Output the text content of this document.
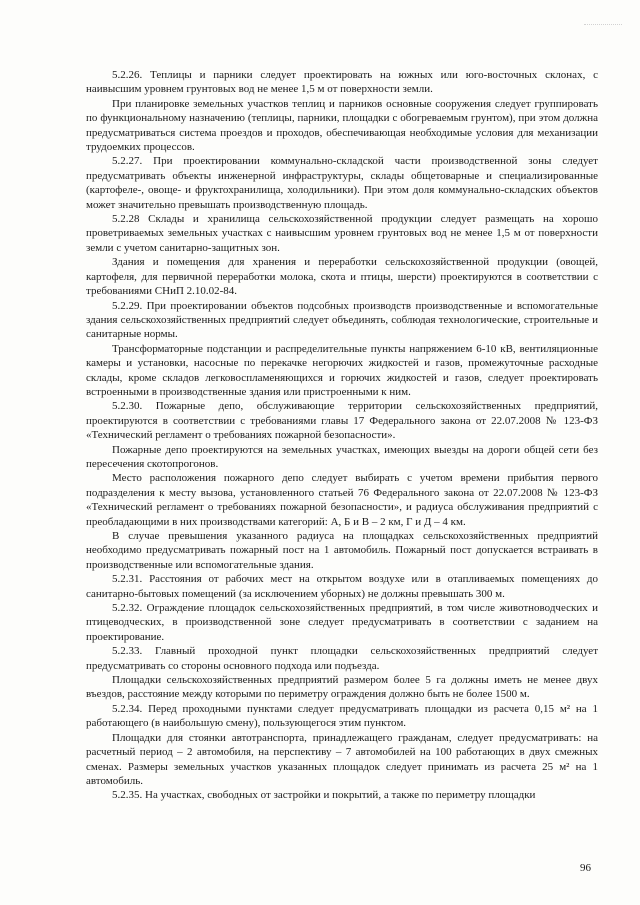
5.2.26. Теплицы и парники следует проектировать на южных или юго-восточных склонах, с наивысшим уровнем грунтовых вод не менее 1,5 м от поверхности земли.

При планировке земельных участков теплиц и парников основные сооружения следует группировать по функциональному назначению (теплицы, парники, площадки с обогреваемым грунтом), при этом должна предусматриваться система проездов и проходов, обеспечивающая необходимые условия для механизации трудоемких процессов.

5.2.27. При проектировании коммунально-складской части производственной зоны следует предусматривать объекты инженерной инфраструктуры, склады общетоварные и специализированные (картофеле-, овоще- и фруктохранилища, холодильники). При этом доля коммунально-складских объектов может значительно превышать производственную площадь.

5.2.28 Склады и хранилища сельскохозяйственной продукции следует размещать на хорошо проветриваемых земельных участках с наивысшим уровнем грунтовых вод не менее 1,5 м от поверхности земли с учетом санитарно-защитных зон.

Здания и помещения для хранения и переработки сельскохозяйственной продукции (овощей, картофеля, для первичной переработки молока, скота и птицы, шерсти) проектируются в соответствии с требованиями СНиП 2.10.02-84.

5.2.29. При проектировании объектов подсобных производств производственные и вспомогательные здания сельскохозяйственных предприятий следует объединять, соблюдая технологические, строительные и санитарные нормы.

Трансформаторные подстанции и распределительные пункты напряжением 6-10 кВ, вентиляционные камеры и установки, насосные по перекачке негорючих жидкостей и газов, промежуточные расходные склады, кроме складов легковоспламеняющихся и горючих жидкостей и газов, следует проектировать встроенными в производственные здания или пристроенными к ним.

5.2.30. Пожарные депо, обслуживающие территории сельскохозяйственных предприятий, проектируются в соответствии с требованиями главы 17 Федерального закона от 22.07.2008 № 123-ФЗ «Технический регламент о требованиях пожарной безопасности».

Пожарные депо проектируются на земельных участках, имеющих выезды на дороги общей сети без пересечения скотопрогонов.

Место расположения пожарного депо следует выбирать с учетом времени прибытия первого подразделения к месту вызова, установленного статьей 76 Федерального закона от 22.07.2008 № 123-ФЗ «Технический регламент о требованиях пожарной безопасности», и радиуса обслуживания предприятий с преобладающими в них производствами категорий: А, Б и В – 2 км, Г и Д – 4 км.

В случае превышения указанного радиуса на площадках сельскохозяйственных предприятий необходимо предусматривать пожарный пост на 1 автомобиль. Пожарный пост допускается встраивать в производственные или вспомогательные здания.

5.2.31. Расстояния от рабочих мест на открытом воздухе или в отапливаемых помещениях до санитарно-бытовых помещений (за исключением уборных) не должны превышать 300 м.

5.2.32. Ограждение площадок сельскохозяйственных предприятий, в том числе животноводческих и птицеводческих, в производственной зоне следует предусматривать в соответствии с заданием на проектирование.

5.2.33. Главный проходной пункт площадки сельскохозяйственных предприятий следует предусматривать со стороны основного подхода или подъезда.

Площадки сельскохозяйственных предприятий размером более 5 га должны иметь не менее двух въездов, расстояние между которыми по периметру ограждения должно быть не более 1500 м.

5.2.34. Перед проходными пунктами следует предусматривать площадки из расчета 0,15 м² на 1 работающего (в наибольшую смену), пользующегося этим пунктом.

Площадки для стоянки автотранспорта, принадлежащего гражданам, следует предусматривать: на расчетный период – 2 автомобиля, на перспективу – 7 автомобилей на 100 работающих в двух смежных сменах. Размеры земельных участков указанных площадок следует принимать из расчета 25 м² на 1 автомобиль.

5.2.35. На участках, свободных от застройки и покрытий, а также по периметру площадки

96
